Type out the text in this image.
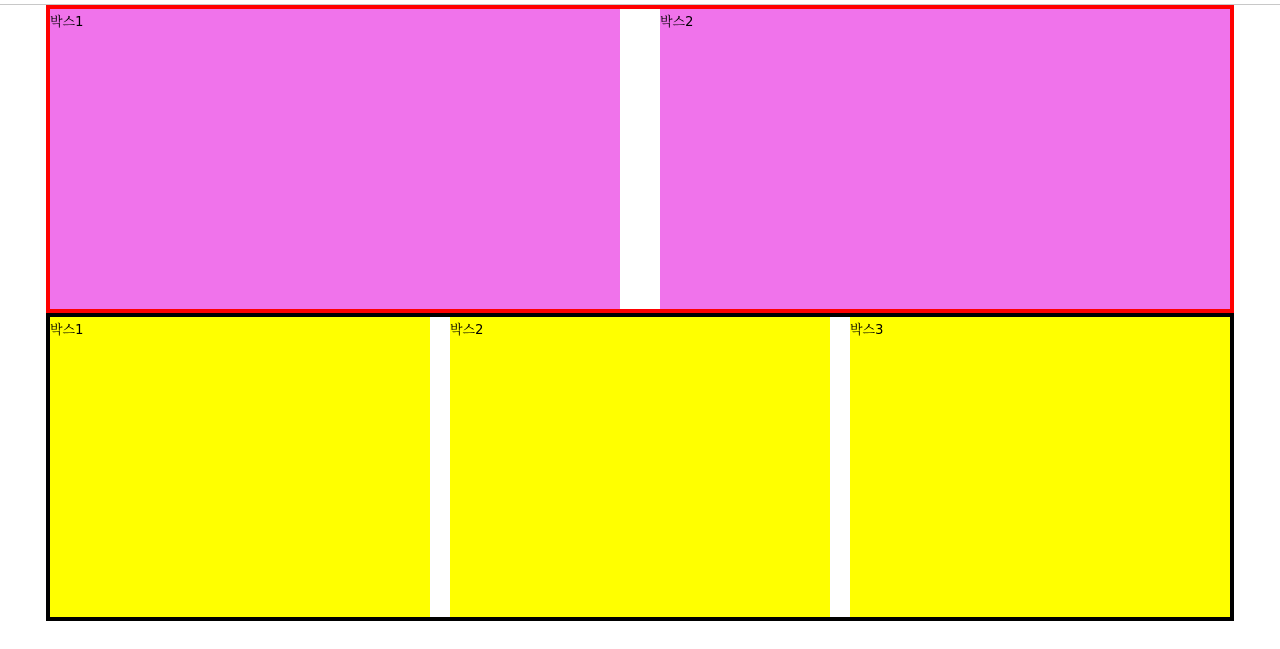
박스1	박스2
박스1	박스2	박스3
